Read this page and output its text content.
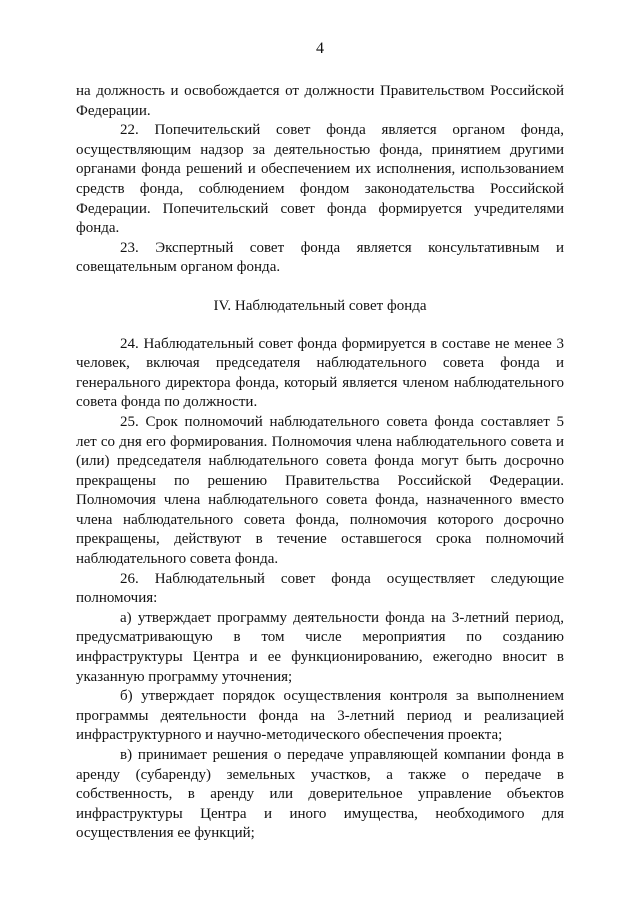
4

на должность и освобождается от должности Правительством Российской Федерации.

22. Попечительский совет фонда является органом фонда, осуществляющим надзор за деятельностью фонда, принятием другими органами фонда решений и обеспечением их исполнения, использованием средств фонда, соблюдением фондом законодательства Российской Федерации. Попечительский совет фонда формируется учредителями фонда.

23. Экспертный совет фонда является консультативным и совещательным органом фонда.

IV. Наблюдательный совет фонда

24. Наблюдательный совет фонда формируется в составе не менее 3 человек, включая председателя наблюдательного совета фонда и генерального директора фонда, который является членом наблюдательного совета фонда по должности.

25. Срок полномочий наблюдательного совета фонда составляет 5 лет со дня его формирования. Полномочия члена наблюдательного совета и (или) председателя наблюдательного совета фонда могут быть досрочно прекращены по решению Правительства Российской Федерации. Полномочия члена наблюдательного совета фонда, назначенного вместо члена наблюдательного совета фонда, полномочия которого досрочно прекращены, действуют в течение оставшегося срока полномочий наблюдательного совета фонда.

26. Наблюдательный совет фонда осуществляет следующие полномочия:

а) утверждает программу деятельности фонда на 3-летний период, предусматривающую в том числе мероприятия по созданию инфраструктуры Центра и ее функционированию, ежегодно вносит в указанную программу уточнения;

б) утверждает порядок осуществления контроля за выполнением программы деятельности фонда на 3-летний период и реализацией инфраструктурного и научно-методического обеспечения проекта;

в) принимает решения о передаче управляющей компании фонда в аренду (субаренду) земельных участков, а также о передаче в собственность, в аренду или доверительное управление объектов инфраструктуры Центра и иного имущества, необходимого для осуществления ее функций;
